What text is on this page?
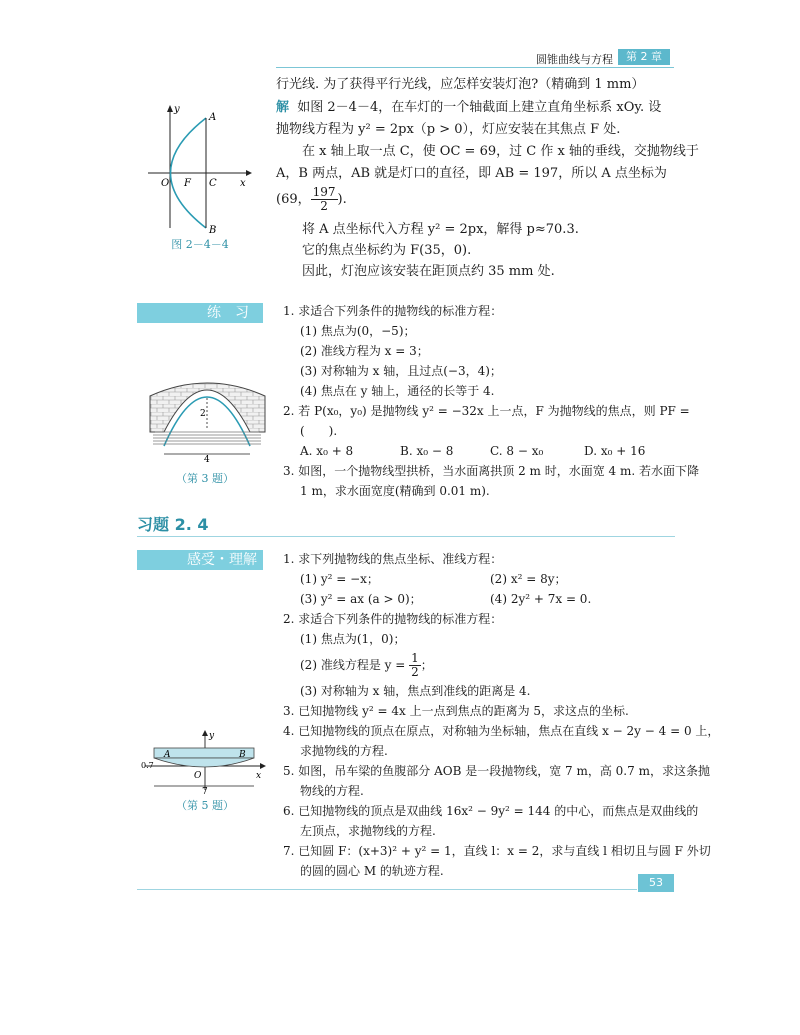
圆锥曲线与方程	第 2 章
行光线. 为了获得平行光线，应怎样安装灯泡?（精确到 1 mm）
解 如图 2－4－4，在车灯的一个轴截面上建立直角坐标系 xOy. 设
抛物线方程为 y² = 2px（p > 0），灯应安装在其焦点 F 处.
在 x 轴上取一点 C，使 OC = 69，过 C 作 x 轴的垂线，交抛物线于
A，B 两点，AB 就是灯口的直径，即 AB = 197，所以 A 点坐标为
(69， $\frac{197}{2}$ ).
将 A 点坐标代入方程 y² = 2px，解得 p≈70.3.
它的焦点坐标约为 F(35，0).
因此，灯泡应该安装在距顶点约 35 mm 处.
A
B
O F C x
y
图 2－4－4
练　习	1. 求适合下列条件的抛物线的标准方程：
(1) 焦点为(0，−5)；
(2) 准线方程为 x = 3；
(3) 对称轴为 x 轴，且过点(−3，4)；
(4) 焦点在 y 轴上，通径的长等于 4.
2. 若 P(x₀，y₀) 是抛物线 y² = −32x 上一点，F 为抛物线的焦点，则 PF =
(　　).
A. x₀ + 8	B. x₀ − 8	C. 8 − x₀	D. x₀ + 16
3. 如图，一个抛物线型拱桥，当水面离拱顶 2 m 时，水面宽 4 m. 若水面下降
1 m，求水面宽度(精确到 0.01 m).
2
4
（第 3 题）
习题 2. 4
感受・理解	1. 求下列抛物线的焦点坐标、准线方程：
(1) y² = −x；	(2) x² = 8y；
(3) y² = ax (a > 0)；	(4) 2y² + 7x = 0.
2. 求适合下列条件的抛物线的标准方程：
(1) 焦点为(1，0)；
(2) 准线方程是 $y = \frac{1}{2}$ ；
(3) 对称轴为 x 轴，焦点到准线的距离是 4.
3. 已知抛物线 y² = 4x 上一点到焦点的距离为 5，求这点的坐标.
4. 已知抛物线的顶点在原点，对称轴为坐标轴，焦点在直线 x − 2y − 4 = 0 上，
求抛物线的方程.
5. 如图，吊车梁的鱼腹部分 AOB 是一段抛物线，宽 7 m，高 0.7 m，求这条抛
物线的方程.
6. 已知抛物线的顶点是双曲线 16x² − 9y² = 144 的中心，而焦点是双曲线的
左顶点，求抛物线的方程.
7. 已知圆 F：(x+3)² + y² = 1，直线 l：x = 2，求与直线 l 相切且与圆 F 外切
的圆的圆心 M 的轨迹方程.
A	B
O	x
y
0.7
7
（第 5 题）
53
